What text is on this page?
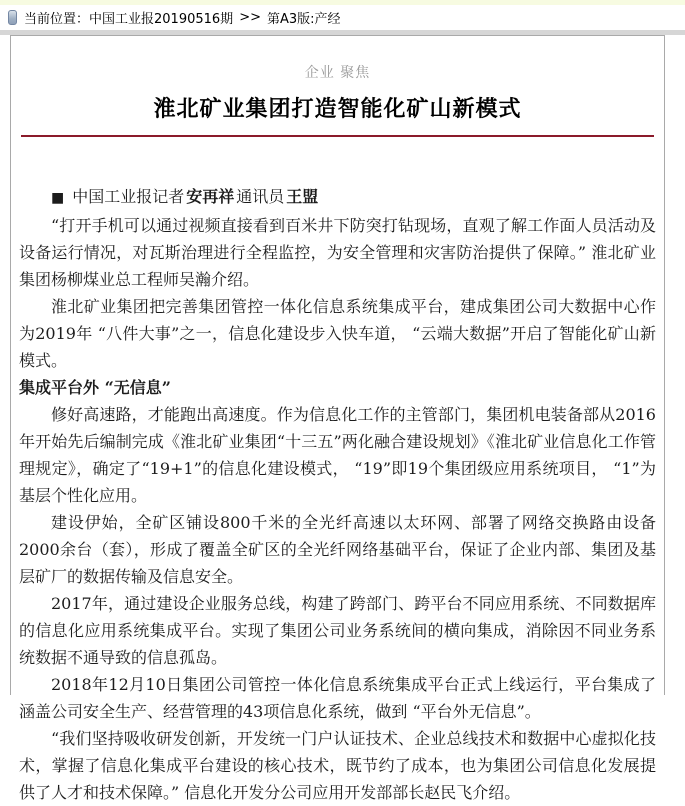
当前位置： 中国工业报20190516期 >> 第A3版:产经
企业 聚焦
淮北矿业集团打造智能化矿山新模式
■ 中国工业报记者 安再祥 通讯员 王盟

“打开手机可以通过视频直接看到百米井下防突打钻现场，直观了解工作面人员活动及设备运行情况，对瓦斯治理进行全程监控，为安全管理和灾害防治提供了保障。” 淮北矿业集团杨柳煤业总工程师吴瀚介绍。

淮北矿业集团把完善集团管控一体化信息系统集成平台，建成集团公司大数据中心作为2019年 “八件大事”之一，信息化建设步入快车道， “云端大数据”开启了智能化矿山新模式。

集成平台外 “无信息”

修好高速路，才能跑出高速度。作为信息化工作的主管部门，集团机电装备部从2016年开始先后编制完成《淮北矿业集团“十三五”两化融合建设规划》《淮北矿业信息化工作管理规定》，确定了“19+1”的信息化建设模式， “19”即19个集团级应用系统项目， “1”为基层个性化应用。

建设伊始，全矿区铺设800千米的全光纤高速以太环网、部署了网络交换路由设备2000余台（套），形成了覆盖全矿区的全光纤网络基础平台，保证了企业内部、集团及基层矿厂的数据传输及信息安全。

2017年，通过建设企业服务总线，构建了跨部门、跨平台不同应用系统、不同数据库的信息化应用系统集成平台。实现了集团公司业务系统间的横向集成，消除因不同业务系统数据不通导致的信息孤岛。

2018年12月10日集团公司管控一体化信息系统集成平台正式上线运行，平台集成了涵盖公司安全生产、经营管理的43项信息化系统，做到 “平台外无信息”。

“我们坚持吸收研发创新，开发统一门户认证技术、企业总线技术和数据中心虚拟化技术，掌握了信息化集成平台建设的核心技术，既节约了成本，也为集团公司信息化发展提供了人才和技术保障。” 信息化开发分公司应用开发部部长赵民飞介绍。
